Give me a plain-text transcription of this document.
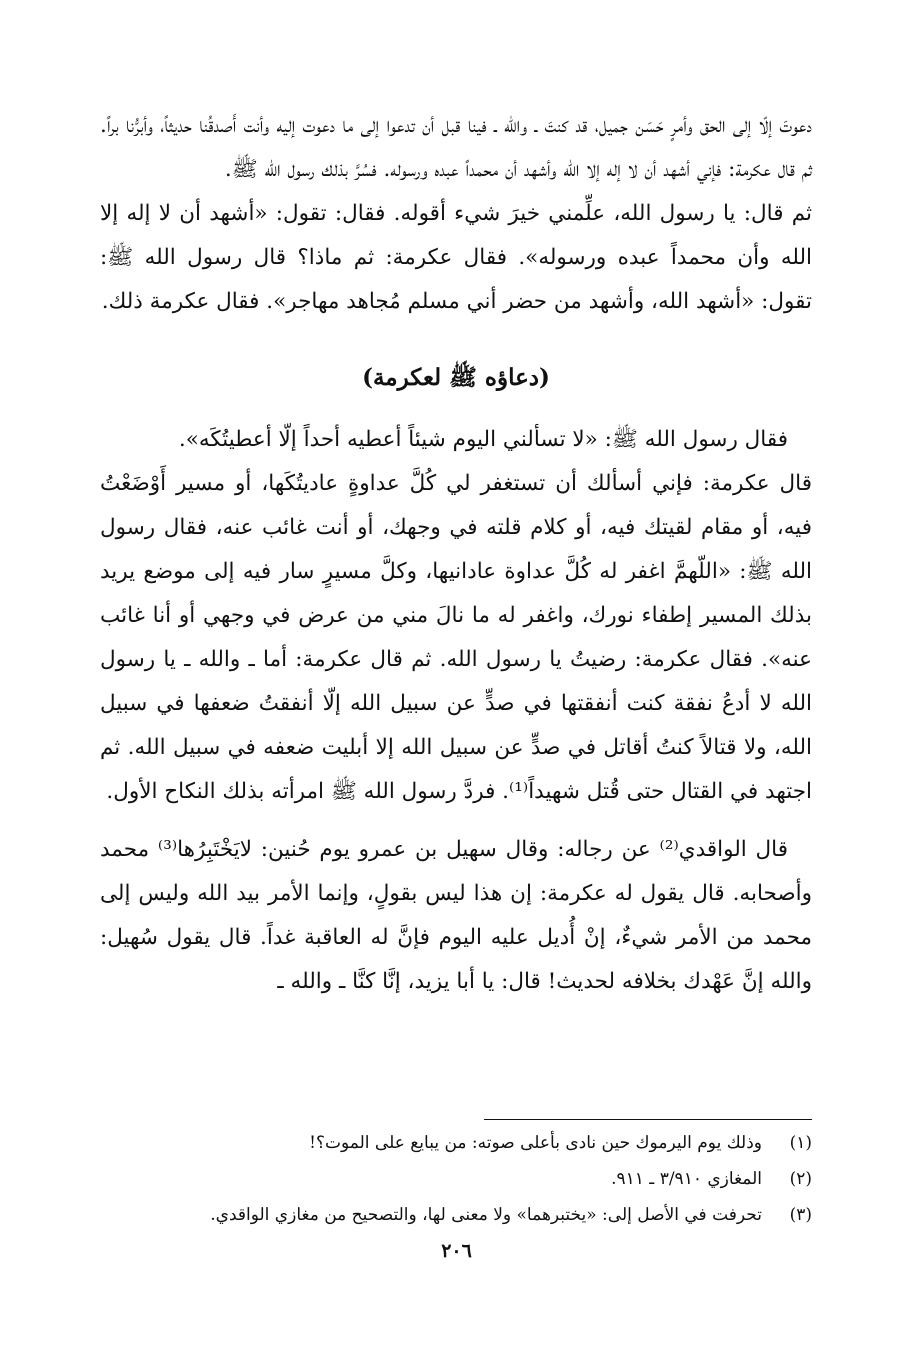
دعوتَ إلّا إلى الحق وأمرٍ حَسَن جميل، قد كنتَ ـ والله ـ فينا قبل أن تدعوا إلى ما دعوت إليه وأنت أَصدقُنا حديثاً، وأبرُّنا براً. ثم قال عكرمة: فإني أشهد أن لا إله إلا الله وأشهد أن محمداً عبده ورسوله. فسُرَّ بذلك رسول الله ﷺ.

ثم قال: يا رسول الله، علِّمني خيرَ شيء أقوله. فقال: تقول: «أشهد أن لا إله إلا الله وأن محمداً عبده ورسوله». فقال عكرمة: ثم ماذا؟ قال رسول الله ﷺ: تقول: «أشهد الله، وأشهد من حضر أني مسلم مُجاهد مهاجر». فقال عكرمة ذلك.

(دعاؤه ﷺ لعكرمة)

فقال رسول الله ﷺ: «لا تسألني اليوم شيئاً أعطيه أحداً إلّا أعطيتُكَه».

قال عكرمة: فإني أسألك أن تستغفر لي كُلَّ عداوةٍ عاديتُكَها، أو مسير أَوْضَعْتُ فيه، أو مقام لقيتك فيه، أو كلام قلته في وجهك، أو أنت غائب عنه، فقال رسول الله ﷺ: «اللّهمَّ اغفر له كُلَّ عداوة عادانيها، وكلَّ مسيرٍ سار فيه إلى موضع يريد بذلك المسير إطفاء نورك، واغفر له ما نالَ مني من عرض في وجهي أو أنا غائب عنه». فقال عكرمة: رضيتُ يا رسول الله. ثم قال عكرمة: أما ـ والله ـ يا رسول الله لا أدعُ نفقة كنت أنفقتها في صدٍّ عن سبيل الله إلّا أنفقتُ ضعفها في سبيل الله، ولا قتالاً كنتُ أقاتل في صدٍّ عن سبيل الله إلا أبليت ضعفه في سبيل الله. ثم اجتهد في القتال حتى قُتل شهيداً⁽¹⁾. فردَّ رسول الله ﷺ امرأته بذلك النكاح الأول.

قال الواقدي⁽²⁾ عن رجاله: وقال سهيل بن عمرو يوم حُنين: لايَخْتَبِرُها⁽³⁾ محمد وأصحابه. قال يقول له عكرمة: إن هذا ليس بقولٍ، وإنما الأمر بيد الله وليس إلى محمد من الأمر شيءٌ، إنْ أُديل عليه اليوم فإنَّ له العاقبة غداً. قال يقول سُهيل: والله إنَّ عَهْدك بخلافه لحديث! قال: يا أبا يزيد، إنَّا كنَّا ـ والله ـ

(١)
وذلك يوم اليرموك حين نادى بأعلى صوته: من يبايع على الموت؟!
(٢)
المغازي ٣/٩١٠ ـ ٩١١.
(٣)
تحرفت في الأصل إلى: «يختبرهما» ولا معنى لها، والتصحيح من مغازي الواقدي.
٢٠٦
